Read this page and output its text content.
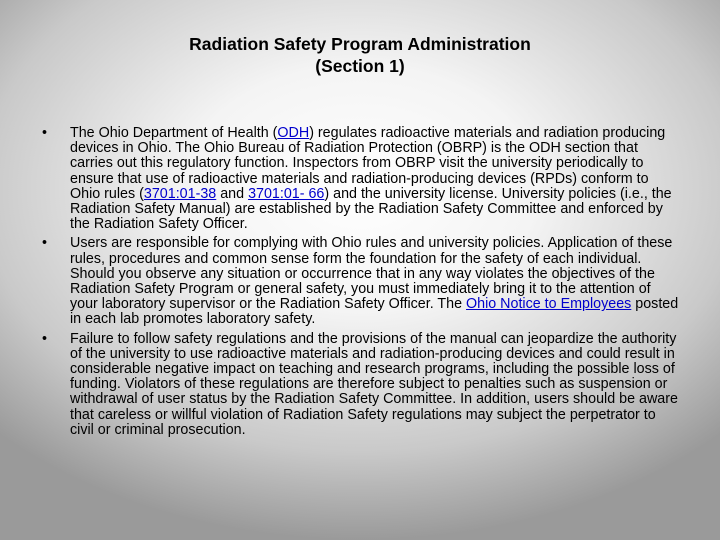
Radiation Safety Program Administration
(Section 1)
• The Ohio Department of Health (ODH) regulates radioactive materials and radiation producing devices in Ohio. The Ohio Bureau of Radiation Protection (OBRP) is the ODH section that carries out this regulatory function. Inspectors from OBRP visit the university periodically to ensure that use of radioactive materials and radiation-producing devices (RPDs) conform to Ohio rules (3701:01-38 and 3701:01- 66) and the university license. University policies (i.e., the Radiation Safety Manual) are established by the Radiation Safety Committee and enforced by the Radiation Safety Officer.
• Users are responsible for complying with Ohio rules and university policies. Application of these rules, procedures and common sense form the foundation for the safety of each individual. Should you observe any situation or occurrence that in any way violates the objectives of the Radiation Safety Program or general safety, you must immediately bring it to the attention of your laboratory supervisor or the Radiation Safety Officer. The Ohio Notice to Employees posted in each lab promotes laboratory safety.
• Failure to follow safety regulations and the provisions of the manual can jeopardize the authority of the university to use radioactive materials and radiation-producing devices and could result in considerable negative impact on teaching and research programs, including the possible loss of funding. Violators of these regulations are therefore subject to penalties such as suspension or withdrawal of user status by the Radiation Safety Committee. In addition, users should be aware that careless or willful violation of Radiation Safety regulations may subject the perpetrator to civil or criminal prosecution.
